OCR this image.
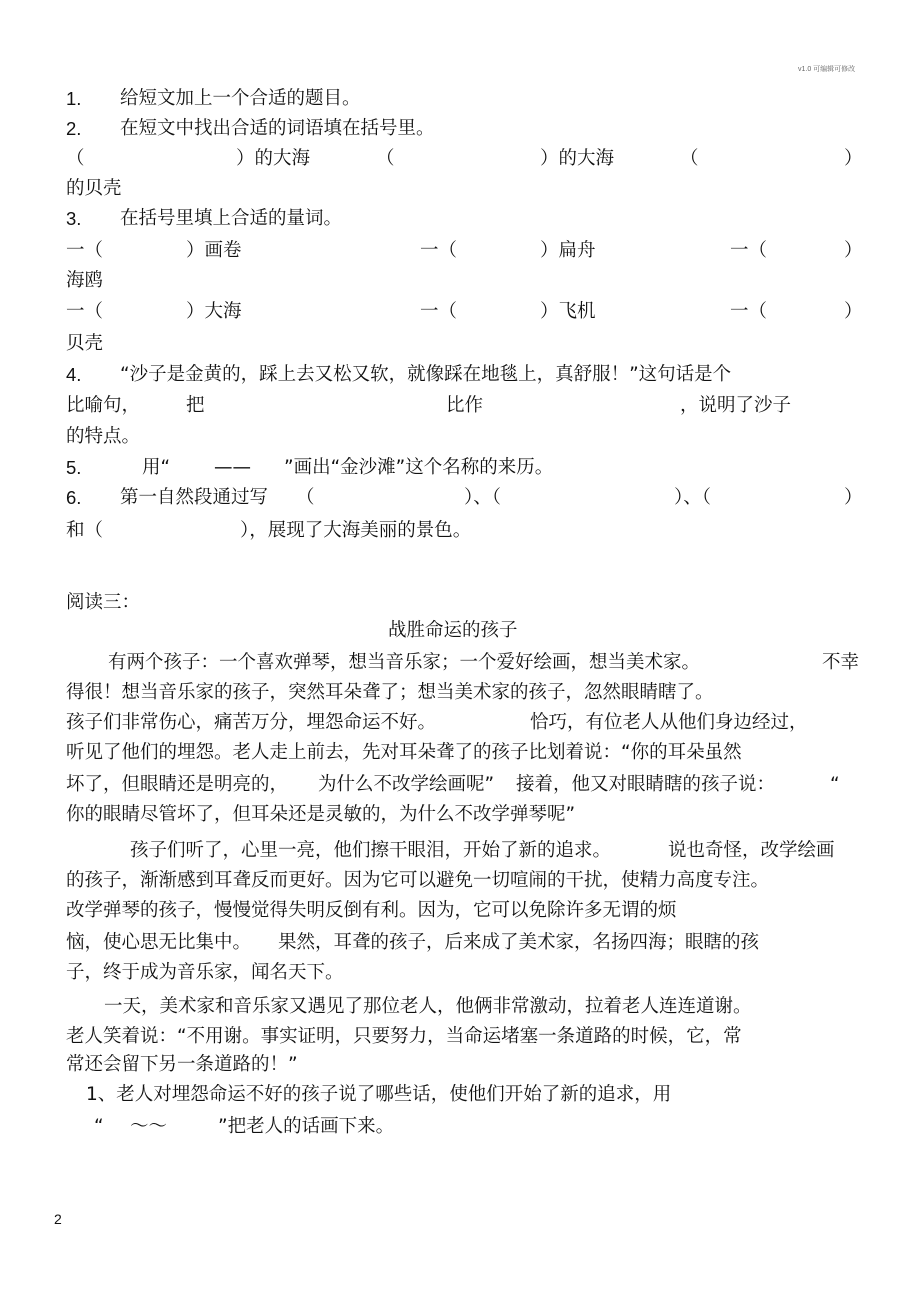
v1.0 可编辑可修改
1. 给短文加上一个合适的题目。
2. 在短文中找出合适的词语填在括号里。
（	）的大海	（	）的大海	（	）
的贝壳
3. 在括号里填上合适的量词。
一（	）画卷	一（	）扁舟	一（	）
海鸥
一（	）大海	一（	）飞机	一（	）
贝壳
4. “沙子是金黄的，踩上去又松又软，就像踩在地毯上，真舒服！”这句话是个
比喻句， 把	比作	，说明了沙子
的特点。
5.	用“ —— ”画出“金沙滩”这个名称的来历。
6. 第一自然段通过写 （	）、（	）、（	）
和（	），展现了大海美丽的景色。
阅读三：
战胜命运的孩子
有两个孩子：一个喜欢弹琴，想当音乐家；一个爱好绘画，想当美术家。	不幸
得很！想当音乐家的孩子，突然耳朵聋了；想当美术家的孩子，忽然眼睛瞎了。
孩子们非常伤心，痛苦万分，埋怨命运不好。	恰巧，有位老人从他们身边经过，
听见了他们的埋怨。老人走上前去，先对耳朵聋了的孩子比划着说：“你的耳朵虽然
坏了，但眼睛还是明亮的， 为什么不改学绘画呢” 接着，他又对眼睛瞎的孩子说：	“
你的眼睛尽管坏了，但耳朵还是灵敏的，为什么不改学弹琴呢”
孩子们听了，心里一亮，他们擦干眼泪，开始了新的追求。	说也奇怪，改学绘画
的孩子，渐渐感到耳聋反而更好。因为它可以避免一切喧闹的干扰，使精力高度专注。
改学弹琴的孩子，慢慢觉得失明反倒有利。因为，它可以免除许多无谓的烦
恼，使心思无比集中。 果然，耳聋的孩子，后来成了美术家，名扬四海；眼瞎的孩
子，终于成为音乐家，闻名天下。
一天，美术家和音乐家又遇见了那位老人，他俩非常激动，拉着老人连连道谢。
老人笑着说：“不用谢。事实证明，只要努力，当命运堵塞一条道路的时候，它，常
常还会留下另一条道路的！”
1、老人对埋怨命运不好的孩子说了哪些话，使他们开始了新的追求，用
“ ～～	”把老人的话画下来。
2
